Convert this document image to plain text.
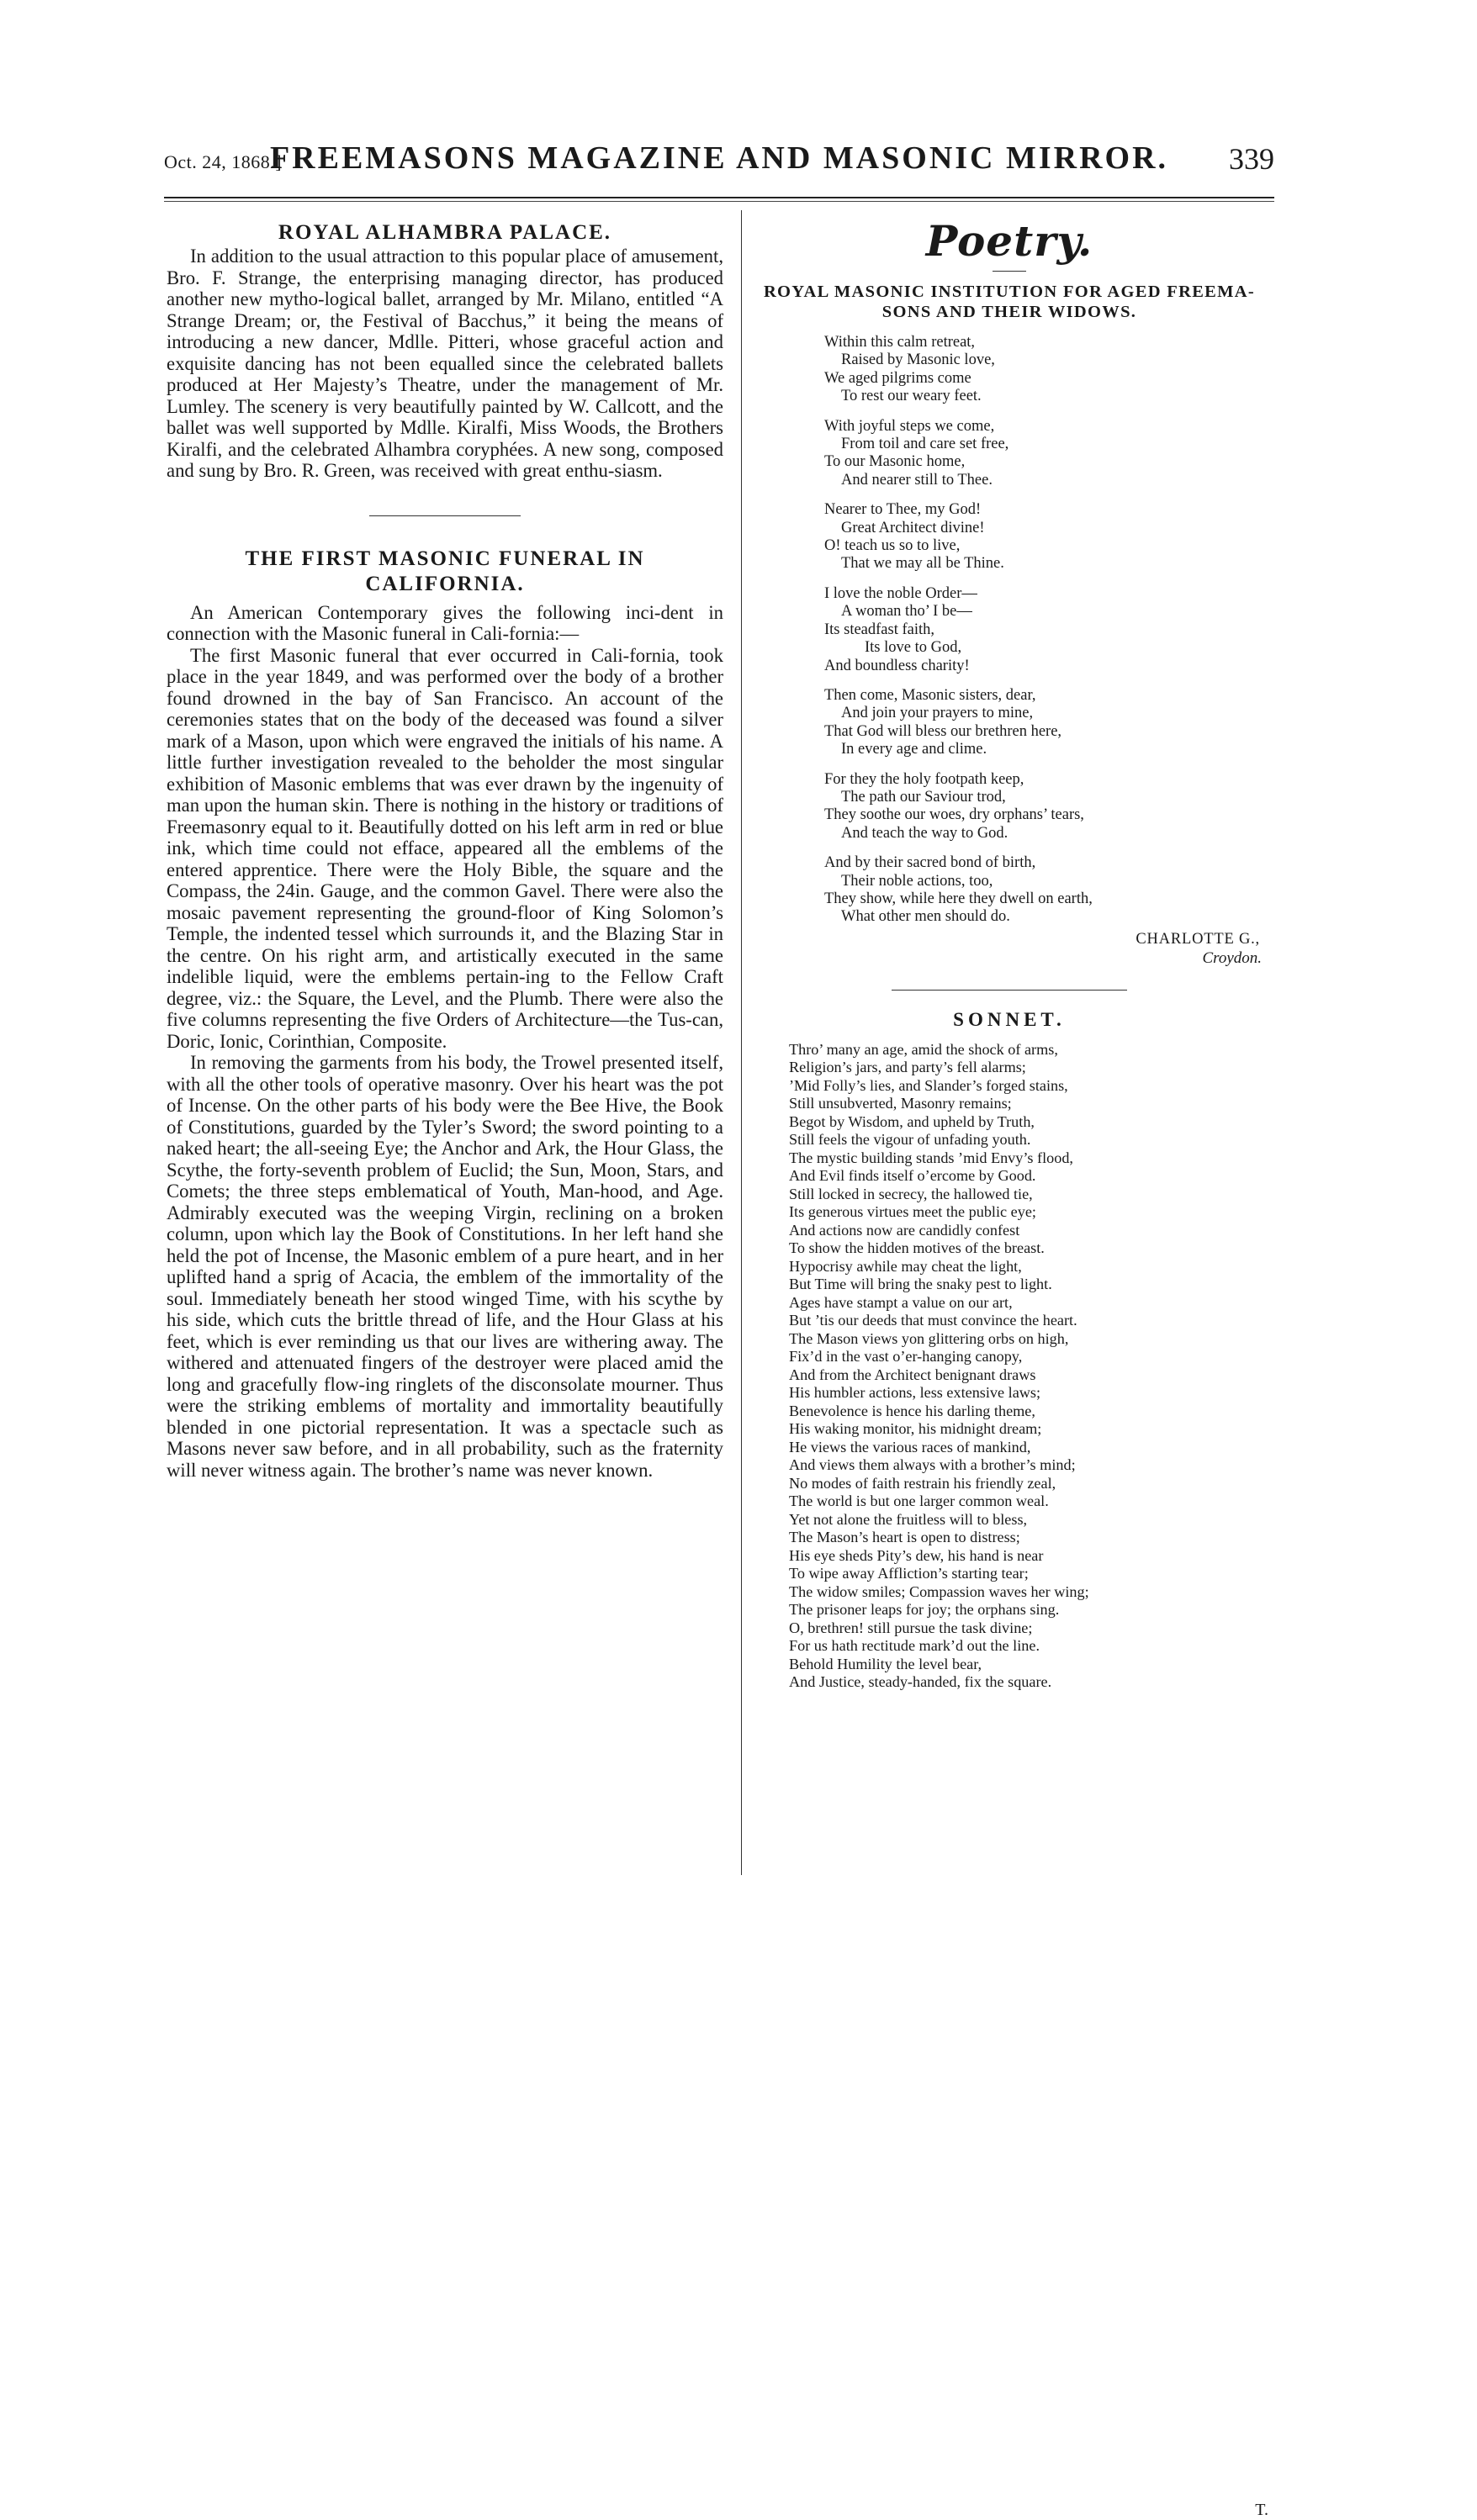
Oct. 24, 1868.]
FREEMASONS MAGAZINE AND MASONIC MIRROR.	339
ROYAL ALHAMBRA PALACE.

In addition to the usual attraction to this popular place of amusement, Bro. F. Strange, the enterprising managing director, has produced another new mytho-logical ballet, arranged by Mr. Milano, entitled “A Strange Dream; or, the Festival of Bacchus,” it being the means of introducing a new dancer, Mdlle. Pitteri, whose graceful action and exquisite dancing has not been equalled since the celebrated ballets produced at Her Majesty’s Theatre, under the management of Mr. Lumley. The scenery is very beautifully painted by W. Callcott, and the ballet was well supported by Mdlle. Kiralfi, Miss Woods, the Brothers Kiralfi, and the celebrated Alhambra coryphées. A new song, composed and sung by Bro. R. Green, was received with great enthu-siasm.

THE FIRST MASONIC FUNERAL IN
CALIFORNIA.

An American Contemporary gives the following inci-dent in connection with the Masonic funeral in Cali-fornia:—

The first Masonic funeral that ever occurred in Cali-fornia, took place in the year 1849, and was performed over the body of a brother found drowned in the bay of San Francisco. An account of the ceremonies states that on the body of the deceased was found a silver mark of a Mason, upon which were engraved the initials of his name. A little further investigation revealed to the beholder the most singular exhibition of Masonic emblems that was ever drawn by the ingenuity of man upon the human skin. There is nothing in the history or traditions of Freemasonry equal to it. Beautifully dotted on his left arm in red or blue ink, which time could not efface, appeared all the emblems of the entered apprentice. There were the Holy Bible, the square and the Compass, the 24in. Gauge, and the common Gavel. There were also the mosaic pavement representing the ground-floor of King Solomon’s Temple, the indented tessel which surrounds it, and the Blazing Star in the centre. On his right arm, and artistically executed in the same indelible liquid, were the emblems pertain-ing to the Fellow Craft degree, viz.: the Square, the Level, and the Plumb. There were also the five columns representing the five Orders of Architecture—the Tus-can, Doric, Ionic, Corinthian, Composite.

In removing the garments from his body, the Trowel presented itself, with all the other tools of operative masonry. Over his heart was the pot of Incense. On the other parts of his body were the Bee Hive, the Book of Constitutions, guarded by the Tyler’s Sword; the sword pointing to a naked heart; the all-seeing Eye; the Anchor and Ark, the Hour Glass, the Scythe, the forty-seventh problem of Euclid; the Sun, Moon, Stars, and Comets; the three steps emblematical of Youth, Man-hood, and Age. Admirably executed was the weeping Virgin, reclining on a broken column, upon which lay the Book of Constitutions. In her left hand she held the pot of Incense, the Masonic emblem of a pure heart, and in her uplifted hand a sprig of Acacia, the emblem of the immortality of the soul. Immediately beneath her stood winged Time, with his scythe by his side, which cuts the brittle thread of life, and the Hour Glass at his feet, which is ever reminding us that our lives are withering away. The withered and attenuated fingers of the destroyer were placed amid the long and gracefully flow-ing ringlets of the disconsolate mourner. Thus were the striking emblems of mortality and immortality beautifully blended in one pictorial representation. It was a spectacle such as Masons never saw before, and in all probability, such as the fraternity will never witness again. The brother’s name was never known.

Poetry.
ROYAL MASONIC INSTITUTION FOR AGED FREEMA-SONS AND THEIR WIDOWS.
Within this calm retreat,
Raised by Masonic love,
We aged pilgrims come
To rest our weary feet.
With joyful steps we come,
From toil and care set free,
To our Masonic home,
And nearer still to Thee.
Nearer to Thee, my God!
Great Architect divine!
O! teach us so to live,
That we may all be Thine.
I love the noble Order—
A woman tho’ I be—
Its steadfast faith,
Its love to God,
And boundless charity!
Then come, Masonic sisters, dear,
And join your prayers to mine,
That God will bless our brethren here,
In every age and clime.
For they the holy footpath keep,
The path our Saviour trod,
They soothe our woes, dry orphans’ tears,
And teach the way to God.
And by their sacred bond of birth,
Their noble actions, too,
They show, while here they dwell on earth,
What other men should do.
CHARLOTTE G.,
Croydon.
SONNET.
Thro’ many an age, amid the shock of arms,
Religion’s jars, and party’s fell alarms;
’Mid Folly’s lies, and Slander’s forged stains,
Still unsubverted, Masonry remains;
Begot by Wisdom, and upheld by Truth,
Still feels the vigour of unfading youth.
The mystic building stands ’mid Envy’s flood,
And Evil finds itself o’ercome by Good.
Still locked in secrecy, the hallowed tie,
Its generous virtues meet the public eye;
And actions now are candidly confest
To show the hidden motives of the breast.
Hypocrisy awhile may cheat the light,
But Time will bring the snaky pest to light.
Ages have stampt a value on our art,
But ’tis our deeds that must convince the heart.
The Mason views yon glittering orbs on high,
Fix’d in the vast o’er-hanging canopy,
And from the Architect benignant draws
His humbler actions, less extensive laws;
Benevolence is hence his darling theme,
His waking monitor, his midnight dream;
He views the various races of mankind,
And views them always with a brother’s mind;
No modes of faith restrain his friendly zeal,
The world is but one larger common weal.
Yet not alone the fruitless will to bless,
The Mason’s heart is open to distress;
His eye sheds Pity’s dew, his hand is near
To wipe away Affliction’s starting tear;
The widow smiles; Compassion waves her wing;
The prisoner leaps for joy; the orphans sing.
O, brethren! still pursue the task divine;
For us hath rectitude mark’d out the line.
Behold Humility the level bear,
And Justice, steady-handed, fix the square.
T.
